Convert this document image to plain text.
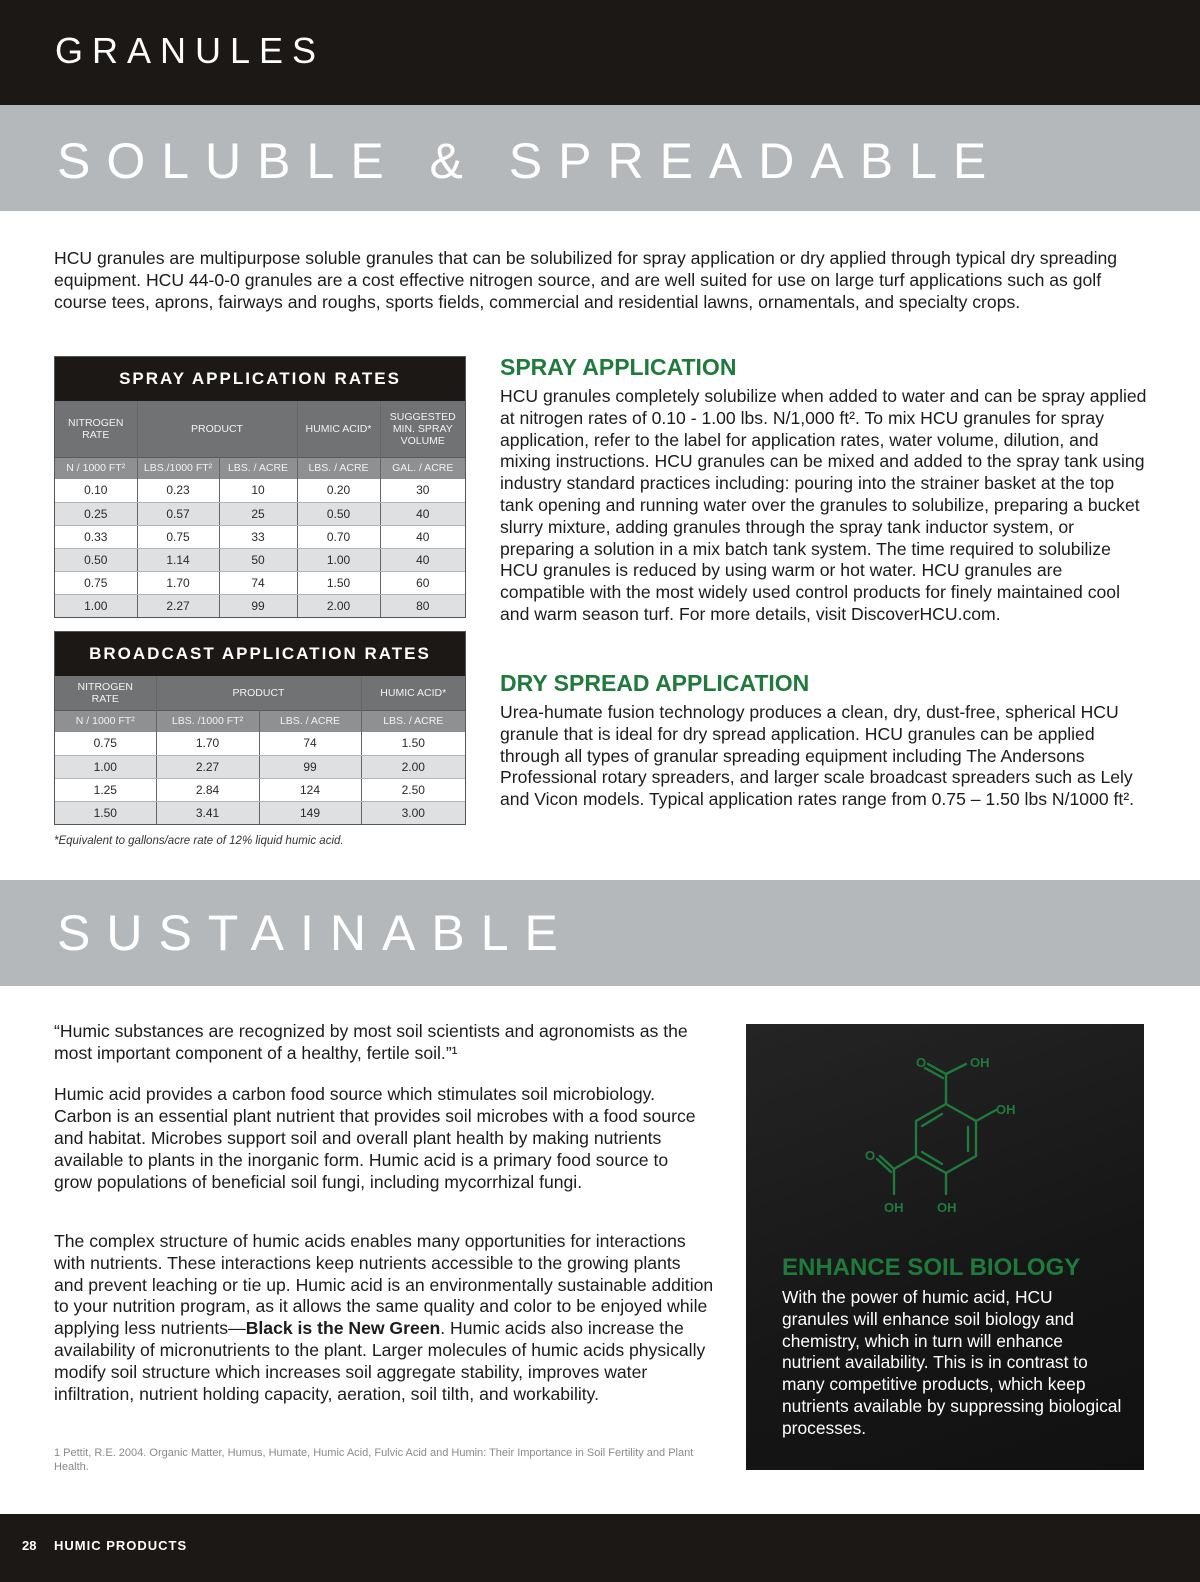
GRANULES
SOLUBLE & SPREADABLE

HCU granules are multipurpose soluble granules that can be solubilized for spray application or dry applied through typical dry spreading equipment. HCU 44-0-0 granules are a cost effective nitrogen source, and are well suited for use on large turf applications such as golf course tees, aprons, fairways and roughs, sports fields, commercial and residential lawns, ornamentals, and specialty crops.

SPRAY APPLICATION RATES
NITROGEN RATE	PRODUCT		HUMIC ACID*	SUGGESTED MIN. SPRAY VOLUME
N / 1000 FT²	LBS./1000 FT²	LBS. / ACRE	LBS. / ACRE	GAL. / ACRE
0.10	0.23	10	0.20	30
0.25	0.57	25	0.50	40
0.33	0.75	33	0.70	40
0.50	1.14	50	1.00	40
0.75	1.70	74	1.50	60
1.00	2.27	99	2.00	80
BROADCAST APPLICATION RATES
NITROGEN RATE	PRODUCT		HUMIC ACID*
N / 1000 FT²	LBS. /1000 FT²	LBS. / ACRE	LBS. / ACRE
0.75	1.70	74	1.50
1.00	2.27	99	2.00
1.25	2.84	124	2.50
1.50	3.41	149	3.00

*Equivalent to gallons/acre rate of 12% liquid humic acid.

SPRAY APPLICATION

HCU granules completely solubilize when added to water and can be spray applied at nitrogen rates of 0.10 - 1.00 lbs. N/1,000 ft². To mix HCU granules for spray application, refer to the label for application rates, water volume, dilution, and mixing instructions. HCU granules can be mixed and added to the spray tank using industry standard practices including: pouring into the strainer basket at the top tank opening and running water over the granules to solubilize, preparing a bucket slurry mixture, adding granules through the spray tank inductor system, or preparing a solution in a mix batch tank system. The time required to solubilize HCU granules is reduced by using warm or hot water. HCU granules are compatible with the most widely used control products for finely maintained cool and warm season turf. For more details, visit DiscoverHCU.com.

DRY SPREAD APPLICATION

Urea-humate fusion technology produces a clean, dry, dust-free, spherical HCU granule that is ideal for dry spread application. HCU granules can be applied through all types of granular spreading equipment including The Andersons Professional rotary spreaders, and larger scale broadcast spreaders such as Lely and Vicon models. Typical application rates range from 0.75 – 1.50 lbs N/1000 ft².

SUSTAINABLE

“Humic substances are recognized by most soil scientists and agronomists as the most important component of a healthy, fertile soil.”¹

Humic acid provides a carbon food source which stimulates soil microbiology. Carbon is an essential plant nutrient that provides soil microbes with a food source and habitat. Microbes support soil and overall plant health by making nutrients available to plants in the inorganic form. Humic acid is a primary food source to grow populations of beneficial soil fungi, including mycorrhizal fungi.

The complex structure of humic acids enables many opportunities for interactions with nutrients. These interactions keep nutrients accessible to the growing plants and prevent leaching or tie up. Humic acid is an environmentally sustainable addition to your nutrition program, as it allows the same quality and color to be enjoyed while applying less nutrients—Black is the New Green. Humic acids also increase the availability of micronutrients to the plant. Larger molecules of humic acids physically modify soil structure which increases soil aggregate stability, improves water infiltration, nutrient holding capacity, aeration, soil tilth, and workability.

1 Pettit, R.E. 2004. Organic Matter, Humus, Humate, Humic Acid, Fulvic Acid and Humin: Their Importance in Soil Fertility and Plant Health.

O	OH
OH
O
OH	OH
ENHANCE SOIL BIOLOGY

With the power of humic acid, HCU granules will enhance soil biology and chemistry, which in turn will enhance nutrient availability. This is in contrast to many competitive products, which keep nutrients available by suppressing biological processes.

28 HUMIC PRODUCTS
